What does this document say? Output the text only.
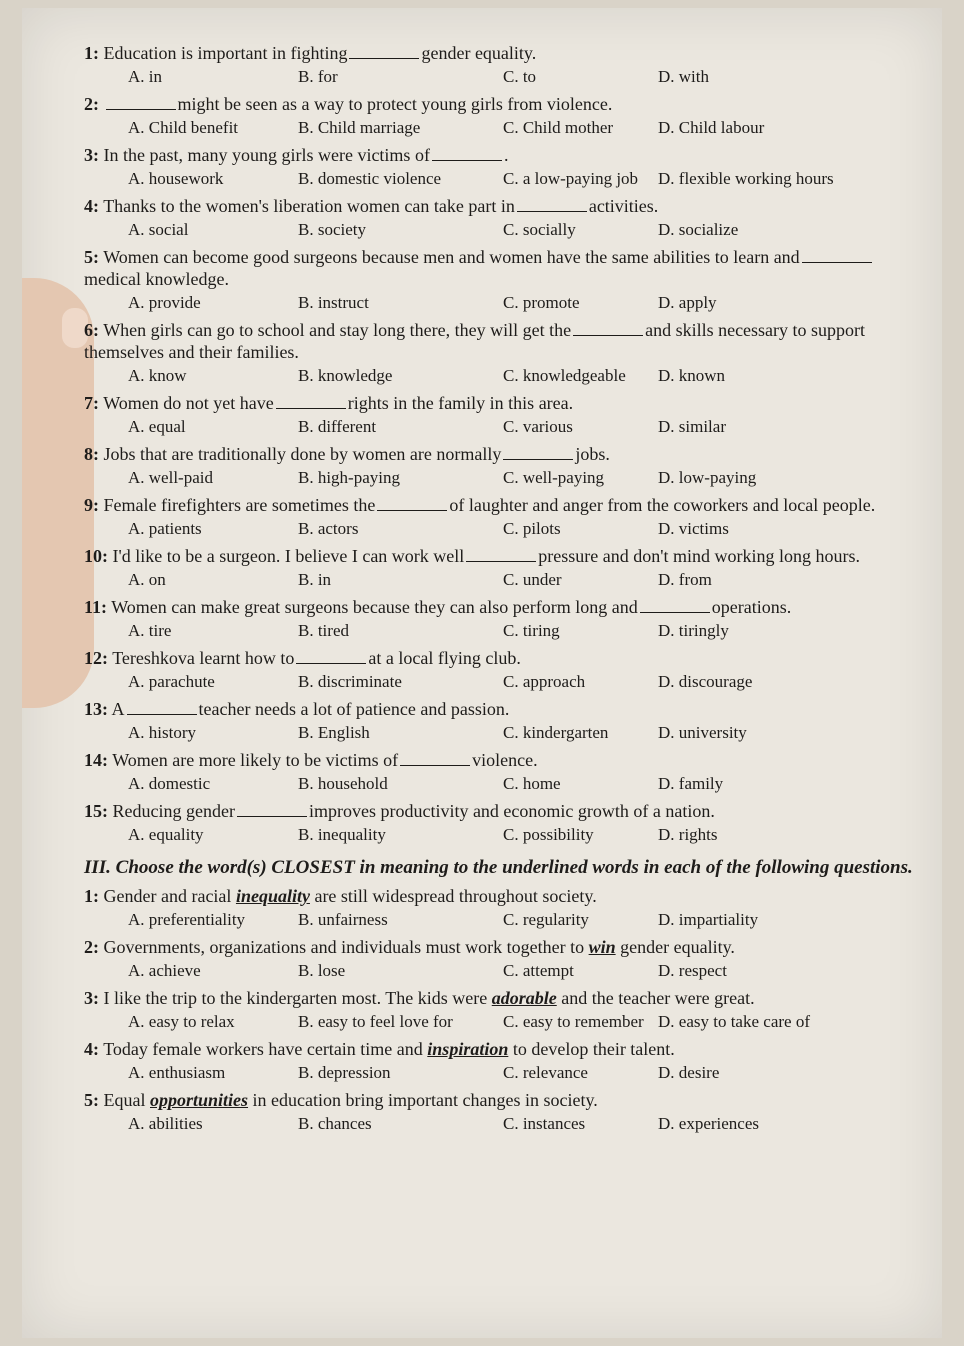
1: Education is important in fighting	gender equality.
A. in	B. for	C. to	D. with
2:	might be seen as a way to protect young girls from violence.
A. Child benefit	B. Child marriage	C. Child mother	D. Child labour
3: In the past, many young girls were victims of	.
A. housework	B. domestic violence	C. a low-paying job	D. flexible working hours
4: Thanks to the women's liberation women can take part in	activities.
A. social	B. society	C. socially	D. socialize
5: Women can become good surgeons because men and women have the same abilities to learn andmedical knowledge.
A. provide	B. instruct	C. promote	D. apply
6: When girls can go to school and stay long there, they will get the	and skills necessary to support themselves and their families.
A. know	B. knowledge	C. knowledgeable	D. known
7: Women do not yet have	rights in the family in this area.
A. equal	B. different	C. various	D. similar
8: Jobs that are traditionally done by women are normally	jobs.
A. well-paid	B. high-paying	C. well-paying	D. low-paying
9: Female firefighters are sometimes the	of laughter and anger from the coworkers and local people.
A. patients	B. actors	C. pilots	D. victims
10: I'd like to be a surgeon. I believe I can work well	pressure and don't mind working long hours.
A. on	B. in	C. under	D. from
11: Women can make great surgeons because they can also perform long and	operations.
A. tire	B. tired	C. tiring	D. tiringly
12: Tereshkova learnt how to	at a local flying club.
A. parachute	B. discriminate	C. approach	D. discourage
13: A	teacher needs a lot of patience and passion.
A. history	B. English	C. kindergarten	D. university
14: Women are more likely to be victims of	violence.
A. domestic	B. household	C. home	D. family
15: Reducing gender	improves productivity and economic growth of a nation.
A. equality	B. inequality	C. possibility	D. rights
III. Choose the word(s) CLOSEST in meaning to the underlined words in each of the following questions.
1: Gender and racial inequality are still widespread throughout society.
A. preferentiality	B. unfairness	C. regularity	D. impartiality
2: Governments, organizations and individuals must work together to win gender equality.
A. achieve	B. lose	C. attempt	D. respect
3: I like the trip to the kindergarten most. The kids were adorable and the teacher were great.
A. easy to relax	B. easy to feel love for	C. easy to remember D. easy to take care of
4: Today female workers have certain time and inspiration to develop their talent.
A. enthusiasm	B. depression	C. relevance	D. desire
5: Equal opportunities in education bring important changes in society.
A. abilities	B. chances	C. instances	D. experiences
